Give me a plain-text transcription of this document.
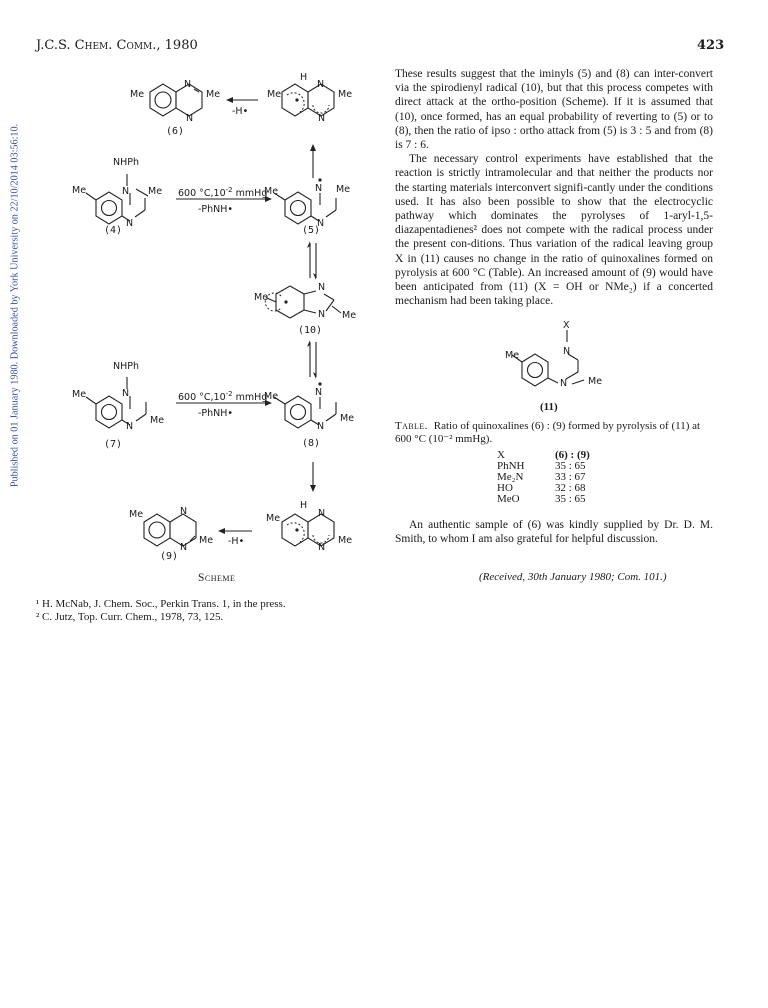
Published on 01 January 1980. Downloaded by York University on 22/10/2014 03:56:10.
J.C.S. Chem. Comm., 1980	423
Me
N
N
Me
(6)
-H•
H
Me
N
N
Me
NHPh
N Me
Me
N
(4)
600 $^\circ C,10^{-2}$ mmHg
-PhNH•
N Me
Me
N
(5)
Me
N
N Me
(10)
NHPh
N
Me
N
Me
(7)
600 $^\circ C,10^{-2}$ mmHg
-PhNH•
N
Me
N
Me
(8)
H
Me	N
N
Me
-H•
Me	N
N
Me
(9)
Scheme
¹ H. McNab, J. Chem. Soc., Perkin Trans. 1, in the press.
² C. Jutz, Top. Curr. Chem., 1978, 73, 125.

These results suggest that the iminyls (5) and (8) can inter-convert via the spirodienyl radical (10), but that this process competes with direct attack at the ortho-position (Scheme). If it is assumed that (10), once formed, has an equal probability of reverting to (5) or to (8), then the ratio of ipso : ortho attack from (5) is 3 : 5 and from (8) is 7 : 6.

The necessary control experiments have established that the reaction is strictly intramolecular and that neither the products nor the starting materials interconvert signifi-cantly under the conditions used. It has also been possible to show that the electrocyclic pathway which dominates the pyrolyses of 1-aryl-1,5-diazapentadienes² does not compete with the radical process under the present con-ditions. Thus variation of the radical leaving group X in (11) causes no change in the ratio of quinoxalines formed on pyrolysis at 600 °C (Table). An increased amount of (9) would have been anticipated from (11) (X = OH or NMe₂) if a concerted mechanism had been taking place.

X
N
N Me
Me
(11)
Table. Ratio of quinoxalines (6) : (9) formed by pyrolysis of (11) at 600 °C (10⁻² mmHg).
X	(6) : (9)
PhNH	35 : 65
Me₂N	33 : 67
HO	32 : 68
MeO	35 : 65
An authentic sample of (6) was kindly supplied by Dr. D. M. Smith, to whom I am also grateful for helpful discussion.
(Received, 30th January 1980; Com. 101.)
